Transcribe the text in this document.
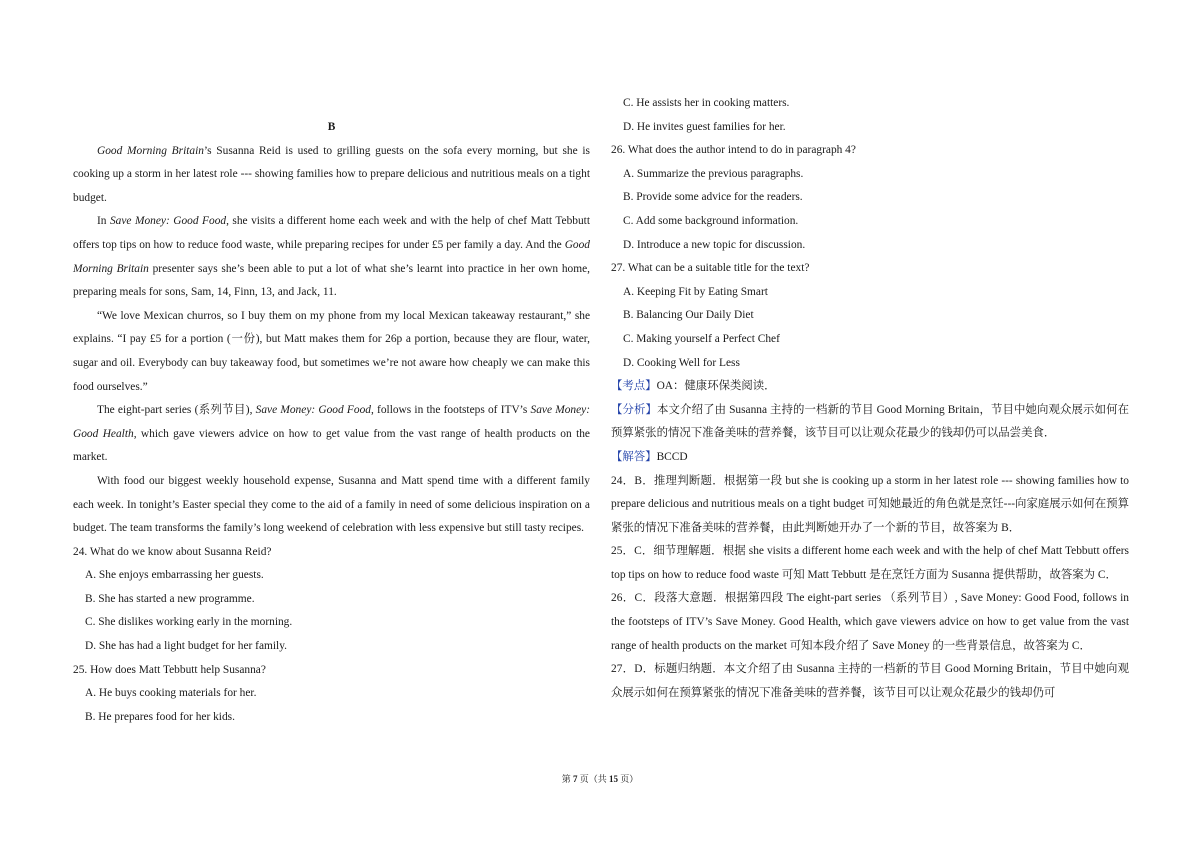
B

Good Morning Britain’s Susanna Reid is used to grilling guests on the sofa every morning, but she is cooking up a storm in her latest role --- showing families how to prepare delicious and nutritious meals on a tight budget.

In Save Money: Good Food, she visits a different home each week and with the help of chef Matt Tebbutt offers top tips on how to reduce food waste, while preparing recipes for under £5 per family a day. And the Good Morning Britain presenter says she’s been able to put a lot of what she’s learnt into practice in her own home, preparing meals for sons, Sam, 14, Finn, 13, and Jack, 11.

“We love Mexican churros, so I buy them on my phone from my local Mexican takeaway restaurant,” she explains. “I pay £5 for a portion (一份), but Matt makes them for 26p a portion, because they are flour, water, sugar and oil. Everybody can buy takeaway food, but sometimes we’re not aware how cheaply we can make this food ourselves.”

The eight-part series (系列节目), Save Money: Good Food, follows in the footsteps of ITV’s Save Money: Good Health, which gave viewers advice on how to get value from the vast range of health products on the market.

With food our biggest weekly household expense, Susanna and Matt spend time with a different family each week. In tonight’s Easter special they come to the aid of a family in need of some delicious inspiration on a budget. The team transforms the family’s long weekend of celebration with less expensive but still tasty recipes.

24. What do we know about Susanna Reid?

A. She enjoys embarrassing her guests.

B. She has started a new programme.

C. She dislikes working early in the morning.

D. She has had a light budget for her family.

25. How does Matt Tebbutt help Susanna?

A. He buys cooking materials for her.

B. He prepares food for her kids.

C. He assists her in cooking matters.

D. He invites guest families for her.

26. What does the author intend to do in paragraph 4?

A. Summarize the previous paragraphs.

B. Provide some advice for the readers.

C. Add some background information.

D. Introduce a new topic for discussion.

27. What can be a suitable title for the text?

A. Keeping Fit by Eating Smart

B. Balancing Our Daily Diet

C. Making yourself a Perfect Chef

D. Cooking Well for Less

【考点】OA：健康环保类阅读．

【分析】本文介绍了由 Susanna 主持的一档新的节目 Good Morning Britain，节目中她向观众展示如何在预算紧张的情况下准备美味的营养餐，该节目可以让观众花最少的钱却仍可以品尝美食．

【解答】BCCD

24．B．推理判断题．根据第一段 but she is cooking up a storm in her latest role --- showing families how to prepare delicious and nutritious meals on a tight budget 可知她最近的角色就是烹饪---向家庭展示如何在预算紧张的情况下准备美味的营养餐，由此判断她开办了一个新的节目，故答案为 B．

25．C．细节理解题．根据 she visits a different home each week and with the help of chef Matt Tebbutt offers top tips on how to reduce food waste 可知 Matt Tebbutt 是在烹饪方面为 Susanna 提供帮助，故答案为 C．

26．C．段落大意题．根据第四段 The eight-part series （系列节目）, Save Money: Good Food, follows in the footsteps of ITV’s Save Money. Good Health, which gave viewers advice on how to get value from the vast range of health products on the market 可知本段介绍了 Save Money 的一些背景信息，故答案为 C．

27．D．标题归纳题．本文介绍了由 Susanna 主持的一档新的节目 Good Morning Britain，节目中她向观众展示如何在预算紧张的情况下准备美味的营养餐，该节目可以让观众花最少的钱却仍可

第 7 页（共 15 页）
